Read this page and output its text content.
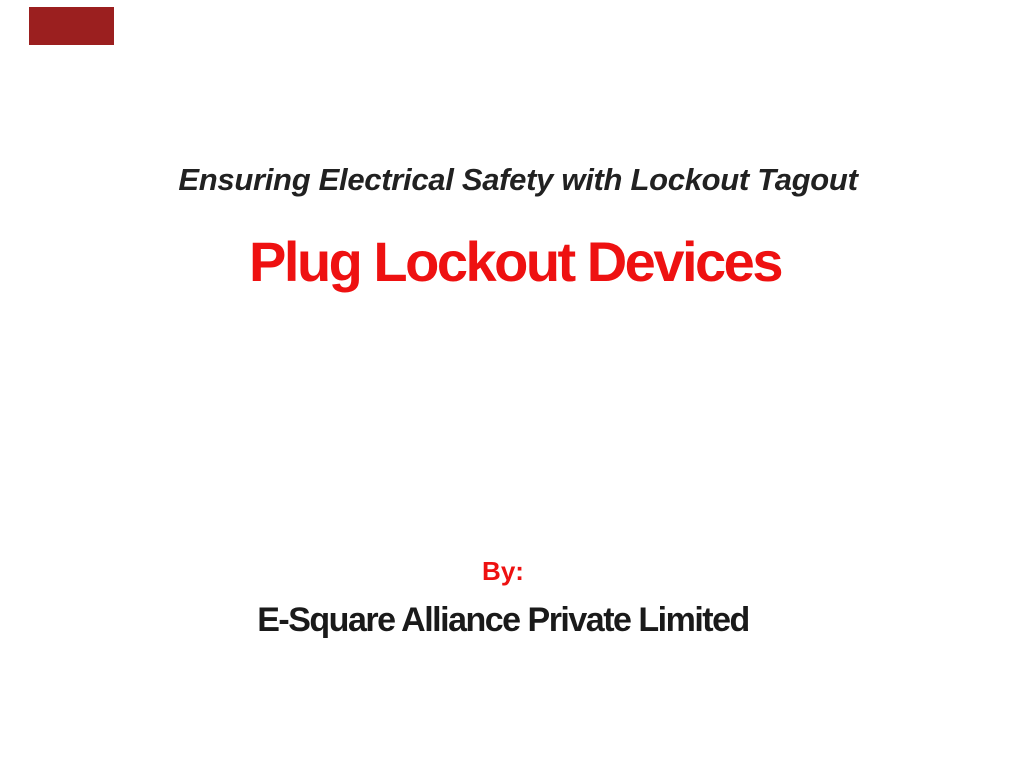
Ensuring Electrical Safety with Lockout Tagout
Plug Lockout Devices
By:
E-Square Alliance Private Limited
